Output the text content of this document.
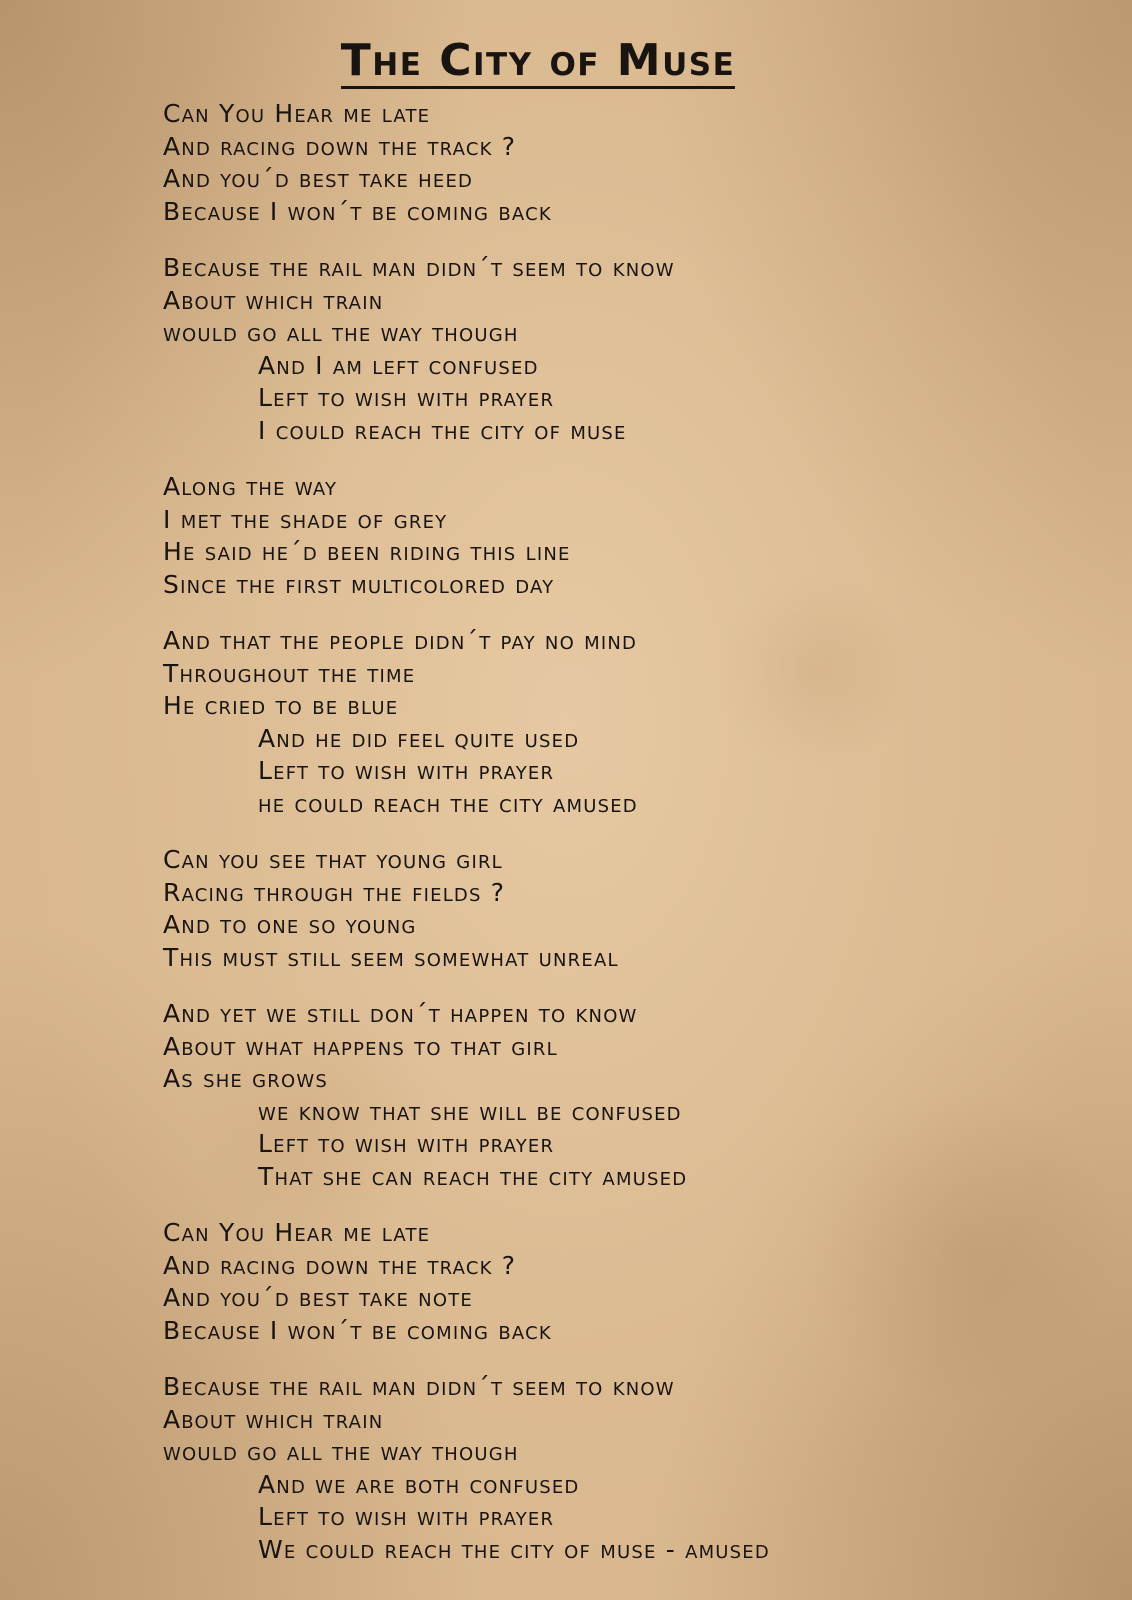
The City of Muse
Can You Hear me late
And racing down the track ?
And you´d best take heed
Because I won´t be coming back
Because the rail man didn´t seem to know
About which train
would go all the way though
And I am left confused
Left to wish with prayer
I could reach the city of muse
Along the way
I met the shade of grey
He said he´d been riding this line
Since the first multicolored day
And that the people didn´t pay no mind
Throughout the time
He cried to be blue
And he did feel quite used
Left to wish with prayer
he could reach the city amused
Can you see that young girl
Racing through the fields ?
And to one so young
This must still seem somewhat unreal
And yet we still don´t happen to know
About what happens to that girl
As she grows
we know that she will be confused
Left to wish with prayer
That she can reach the city amused
Can You Hear me late
And racing down the track ?
And you´d best take note
Because I won´t be coming back
Because the rail man didn´t seem to know
About which train
would go all the way though
And we are both confused
Left to wish with prayer
We could reach the city of muse - amused
